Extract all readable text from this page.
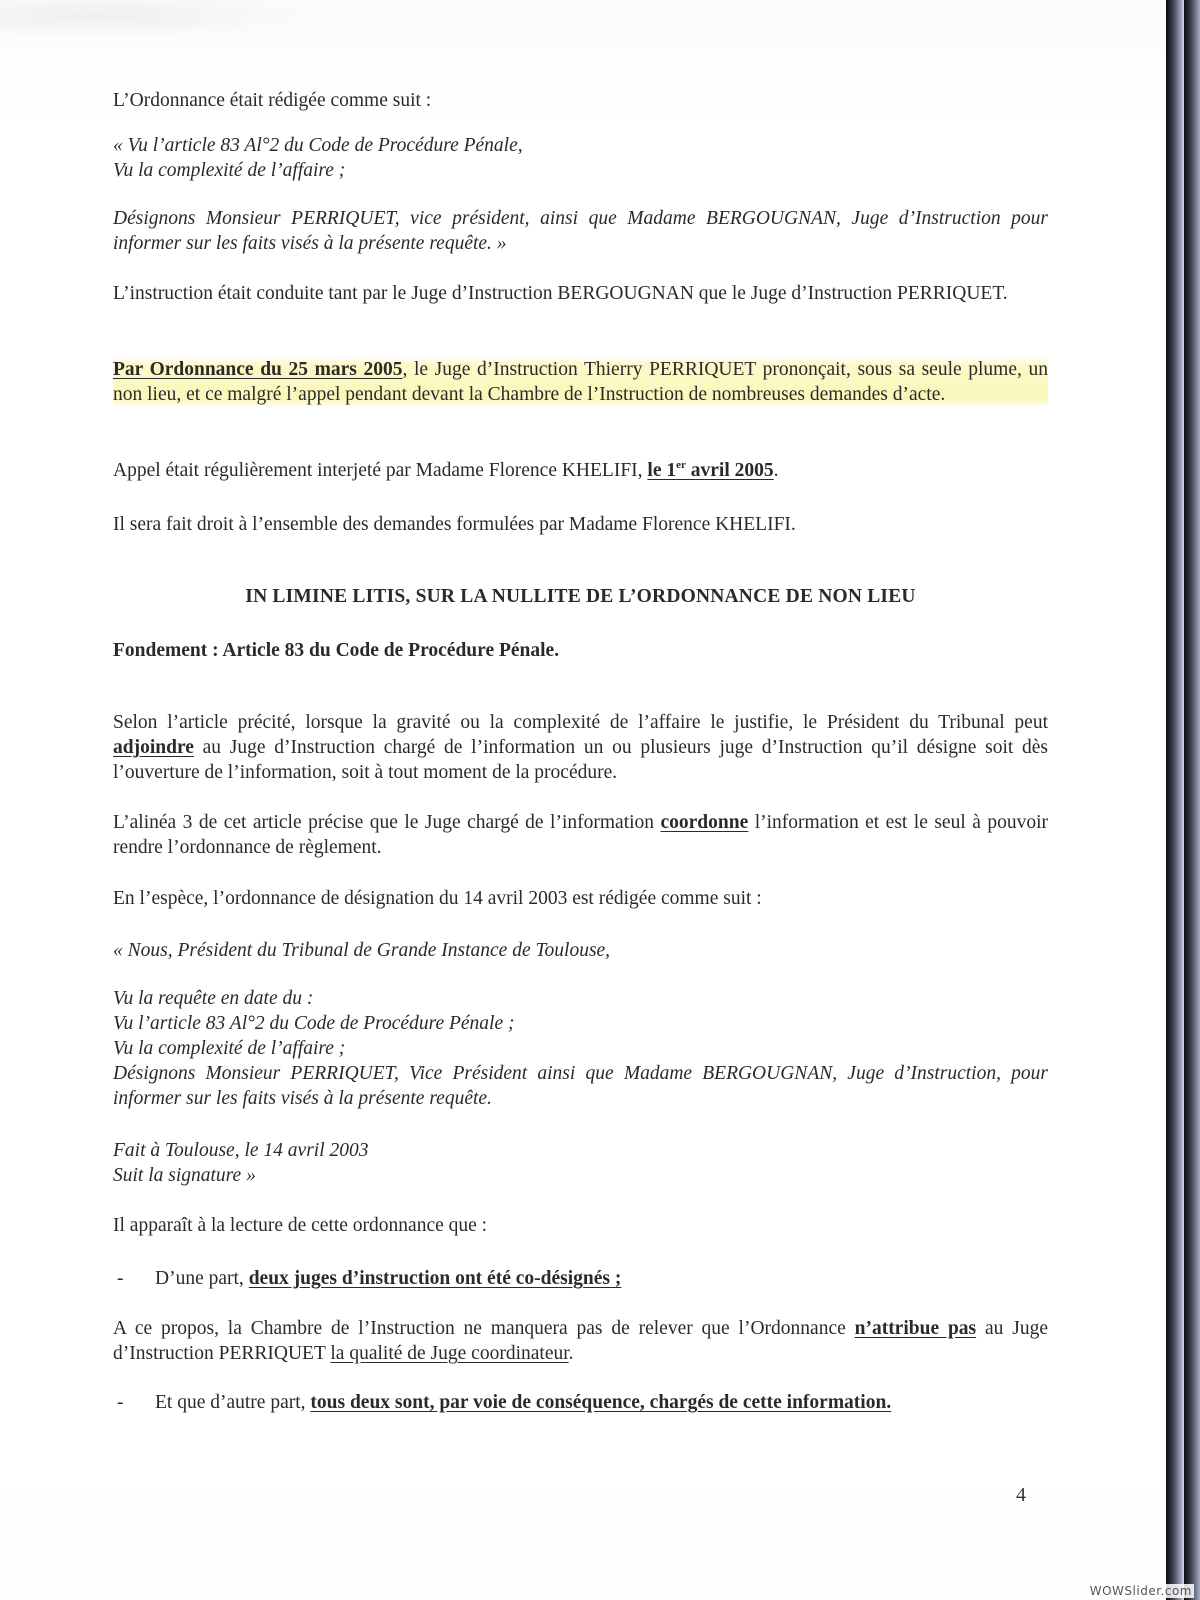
L’Ordonnance était rédigée comme suit :

« Vu l’article 83 Al°2 du Code de Procédure Pénale,

Vu la complexité de l’affaire ;

Désignons Monsieur PERRIQUET, vice président, ainsi que Madame BERGOUGNAN, Juge d’Instruction pour informer sur les faits visés à la présente requête. »

L’instruction était conduite tant par le Juge d’Instruction BERGOUGNAN que le Juge d’Instruction PERRIQUET.

Par Ordonnance du 25 mars 2005, le Juge d’Instruction Thierry PERRIQUET prononçait, sous sa seule plume, un non lieu, et ce malgré l’appel pendant devant la Chambre de l’Instruction de nombreuses demandes d’acte.

Appel était régulièrement interjeté par Madame Florence KHELIFI, le 1er avril 2005.

Il sera fait droit à l’ensemble des demandes formulées par Madame Florence KHELIFI.

IN LIMINE LITIS, SUR LA NULLITE DE L’ORDONNANCE DE NON LIEU

Fondement : Article 83 du Code de Procédure Pénale.

Selon l’article précité, lorsque la gravité ou la complexité de l’affaire le justifie, le Président du Tribunal peut adjoindre au Juge d’Instruction chargé de l’information un ou plusieurs juge d’Instruction qu’il désigne soit dès l’ouverture de l’information, soit à tout moment de la procédure.

L’alinéa 3 de cet article précise que le Juge chargé de l’information coordonne l’information et est le seul à pouvoir rendre l’ordonnance de règlement.

En l’espèce, l’ordonnance de désignation du 14 avril 2003 est rédigée comme suit :

« Nous, Président du Tribunal de Grande Instance de Toulouse,

Vu la requête en date du :

Vu l’article 83 Al°2 du Code de Procédure Pénale ;

Vu la complexité de l’affaire ;

Désignons Monsieur PERRIQUET, Vice Président ainsi que Madame BERGOUGNAN, Juge d’Instruction, pour informer sur les faits visés à la présente requête.

Fait à Toulouse, le 14 avril 2003

Suit la signature »

Il apparaît à la lecture de cette ordonnance que :

-	D’une part, deux juges d’instruction ont été co-désignés ;

A ce propos, la Chambre de l’Instruction ne manquera pas de relever que l’Ordonnance n’attribue pas au Juge d’Instruction PERRIQUET la qualité de Juge coordinateur.

-	Et que d’autre part, tous deux sont, par voie de conséquence, chargés de cette information.

4
WOWSlider.com
